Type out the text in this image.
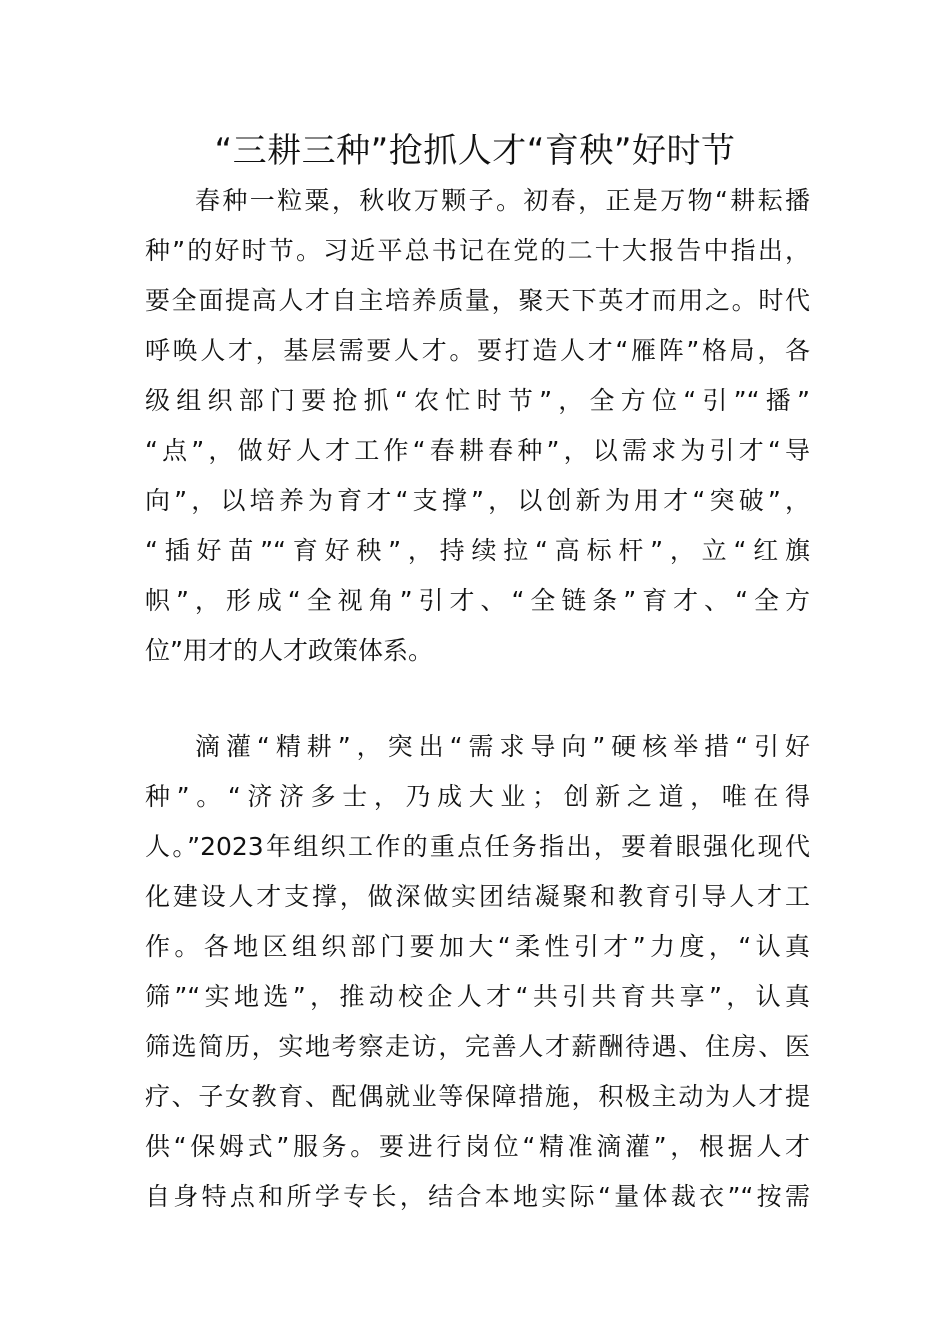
“三耕三种”抢抓人才“育秧”好时节
春种一粒粟，秋收万颗子。初春，正是万物“耕耘播
种”的好时节。习近平总书记在党的二十大报告中指出，
要全面提高人才自主培养质量，聚天下英才而用之。时代
呼唤人才，基层需要人才。要打造人才“雁阵”格局，各
级组织部门要抢抓“农忙时节”，全方位“引”“播”
“点”，做好人才工作“春耕春种”，以需求为引才“导
向”，以培养为育才“支撑”，以创新为用才“突破”，
“插好苗”“育好秧”，持续拉“高标杆”，立“红旗
帜”，形成“全视角”引才、“全链条”育才、“全方
位”用才的人才政策体系。
滴灌“精耕”，突出“需求导向”硬核举措“引好
种”。“济济多士，乃成大业；创新之道，唯在得
人。”2023年组织工作的重点任务指出，要着眼强化现代
化建设人才支撑，做深做实团结凝聚和教育引导人才工
作。各地区组织部门要加大“柔性引才”力度，“认真
筛”“实地选”，推动校企人才“共引共育共享”，认真
筛选简历，实地考察走访，完善人才薪酬待遇、住房、医
疗、子女教育、配偶就业等保障措施，积极主动为人才提
供“保姆式”服务。要进行岗位“精准滴灌”，根据人才
自身特点和所学专长，结合本地实际“量体裁衣”“按需
